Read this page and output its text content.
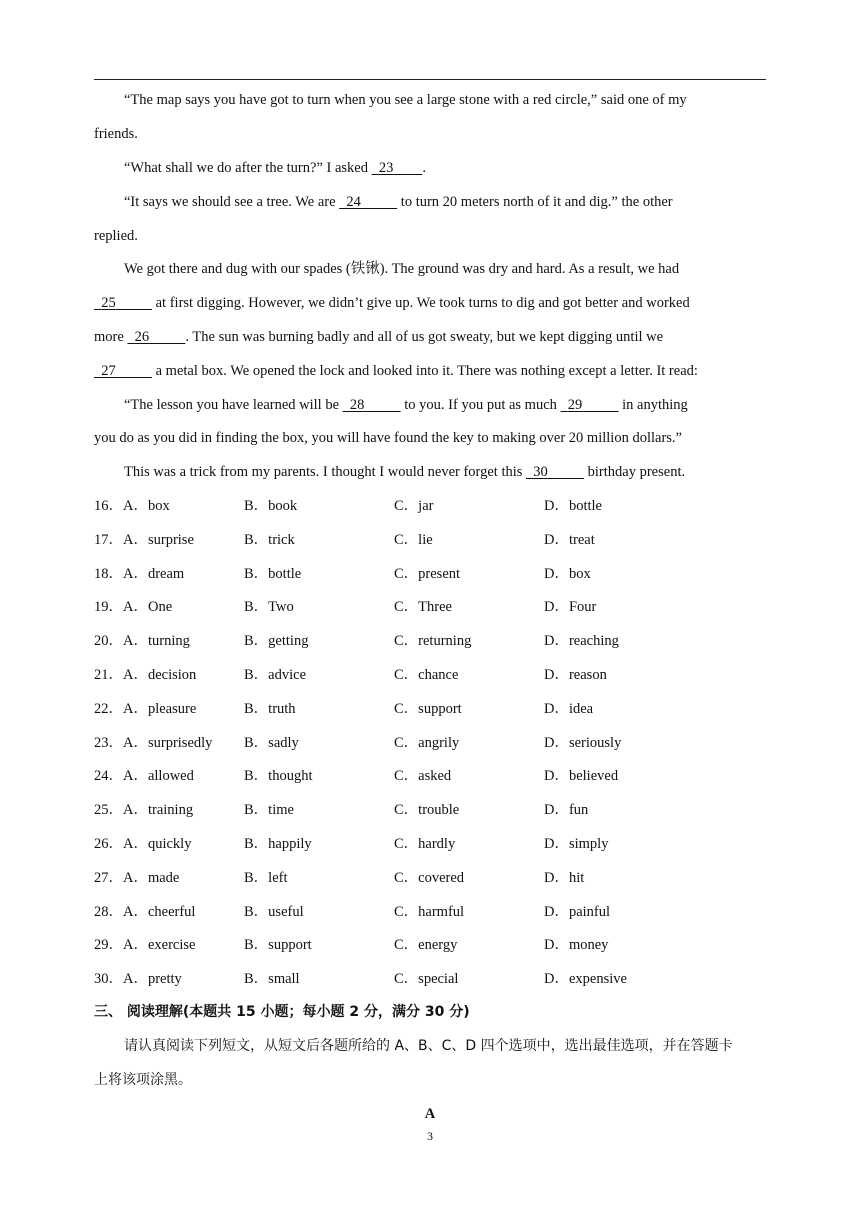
“The map says you have got to turn when you see a large stone with a red circle,” said one of my
friends.
“What shall we do after the turn?” I asked   23 .
“It says we should see a tree. We are   24	to turn 20 meters north of it and dig.” the other
replied.
We got there and dug with our spades (铁锹). The ground was dry and hard. As a result, we had
25	at first digging. However, we didn’t give up. We took turns to dig and got better and worked
more   26	. The sun was burning badly and all of us got sweaty, but we kept digging until we
27	a metal box. We opened the lock and looked into it. There was nothing except a letter. It read:
“The lesson you have learned will be   28	to you. If you put as much   29	in anything
you do as you did in finding the box, you will have found the key to making over 20 million dollars.”
This was a trick from my parents. I thought I would never forget this   30	birthday present.
16．A．box	B．book	C．jar	D．bottle
17．A．surprise	B．trick	C．lie	D．treat
18．A．dream	B．bottle	C．present	D．box
19．A．One	B．Two	C．Three	D．Four
20．A．turning	B．getting	C．returning	D．reaching
21．A．decision	B．advice	C．chance	D．reason
22．A．pleasure	B．truth	C．support	D．idea
23．A．surprisedly B．sadly	C．angrily	D．seriously
24．A．allowed	B．thought	C．asked	D．believed
25．A．training	B．time	C．trouble	D．fun
26．A．quickly	B．happily	C．hardly	D．simply
27．A．made	B．left	C．covered	D．hit
28．A．cheerful	B．useful	C．harmful	D．painful
29．A．exercise	B．support	C．energy	D．money
30．A．pretty	B．small	C．special	D．expensive
三、 阅读理解(本题共 15 小题；每小题 2 分，满分 30 分)
请认真阅读下列短文，从短文后各题所给的 A、B、C、D 四个选项中，选出最佳选项，并在答题卡
上将该项涂黑。
A
3
